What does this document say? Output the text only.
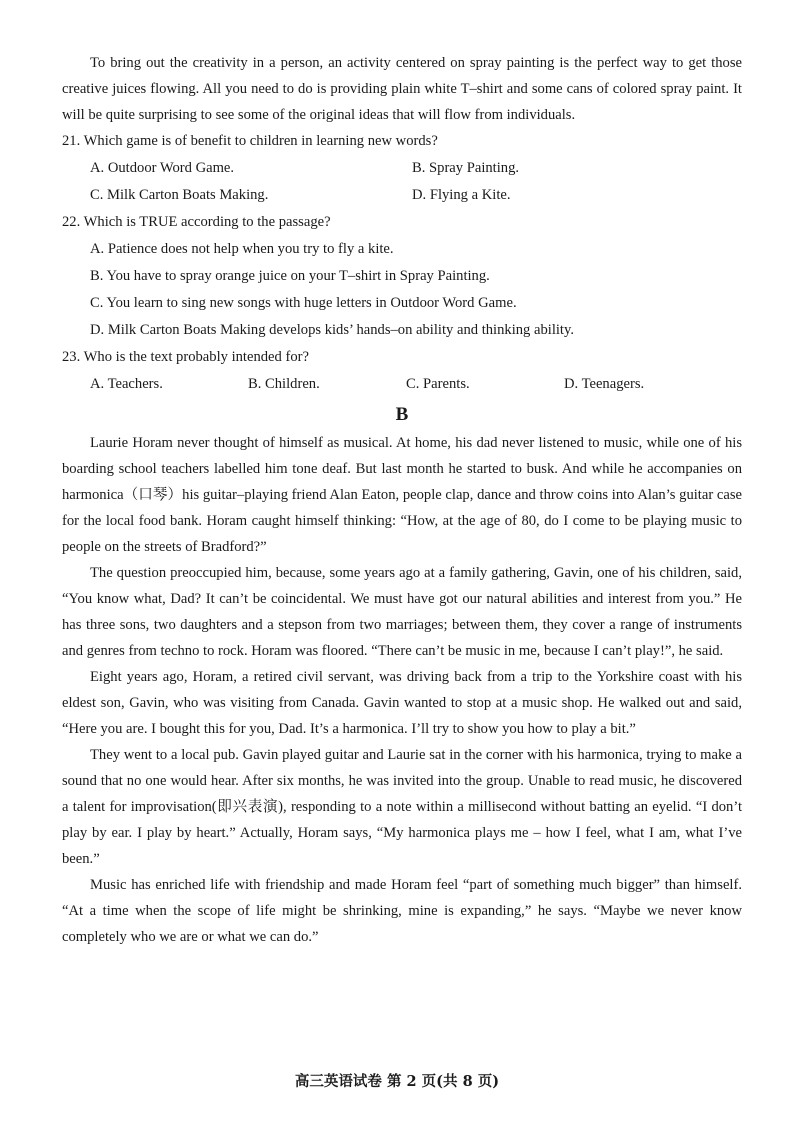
To bring out the creativity in a person, an activity centered on spray painting is the perfect way to get those creative juices flowing. All you need to do is providing plain white T–shirt and some cans of colored spray paint. It will be quite surprising to see some of the original ideas that will flow from individuals.

21. Which game is of benefit to children in learning new words?
A. Outdoor Word Game.	B. Spray Painting.
C. Milk Carton Boats Making.	D. Flying a Kite.
22. Which is TRUE according to the passage?
A. Patience does not help when you try to fly a kite.
B. You have to spray orange juice on your T–shirt in Spray Painting.
C. You learn to sing new songs with huge letters in Outdoor Word Game.
D. Milk Carton Boats Making develops kids’ hands–on ability and thinking ability.
23. Who is the text probably intended for?
A. Teachers.	B. Children.	C. Parents.	D. Teenagers.
B

Laurie Horam never thought of himself as musical. At home, his dad never listened to music, while one of his boarding school teachers labelled him tone deaf. But last month he started to busk. And while he accompanies on harmonica（口琴）his guitar–playing friend Alan Eaton, people clap, dance and throw coins into Alan’s guitar case for the local food bank. Horam caught himself thinking: “How, at the age of 80, do I come to be playing music to people on the streets of Bradford?”

The question preoccupied him, because, some years ago at a family gathering, Gavin, one of his children, said, “You know what, Dad? It can’t be coincidental. We must have got our natural abilities and interest from you.” He has three sons, two daughters and a stepson from two marriages; between them, they cover a range of instruments and genres from techno to rock. Horam was floored. “There can’t be music in me, because I can’t play!”, he said.

Eight years ago, Horam, a retired civil servant, was driving back from a trip to the Yorkshire coast with his eldest son, Gavin, who was visiting from Canada. Gavin wanted to stop at a music shop. He walked out and said, “Here you are. I bought this for you, Dad. It’s a harmonica. I’ll try to show you how to play a bit.”

They went to a local pub. Gavin played guitar and Laurie sat in the corner with his harmonica, trying to make a sound that no one would hear. After six months, he was invited into the group. Unable to read music, he discovered a talent for improvisation(即兴表演), responding to a note within a millisecond without batting an eyelid. “I don’t play by ear. I play by heart.” Actually, Horam says, “My harmonica plays me – how I feel, what I am, what I’ve been.”

Music has enriched life with friendship and made Horam feel “part of something much bigger” than himself. “At a time when the scope of life might be shrinking, mine is expanding,” he says. “Maybe we never know completely who we are or what we can do.”

高三英语试卷 第 2 页(共 8 页)
